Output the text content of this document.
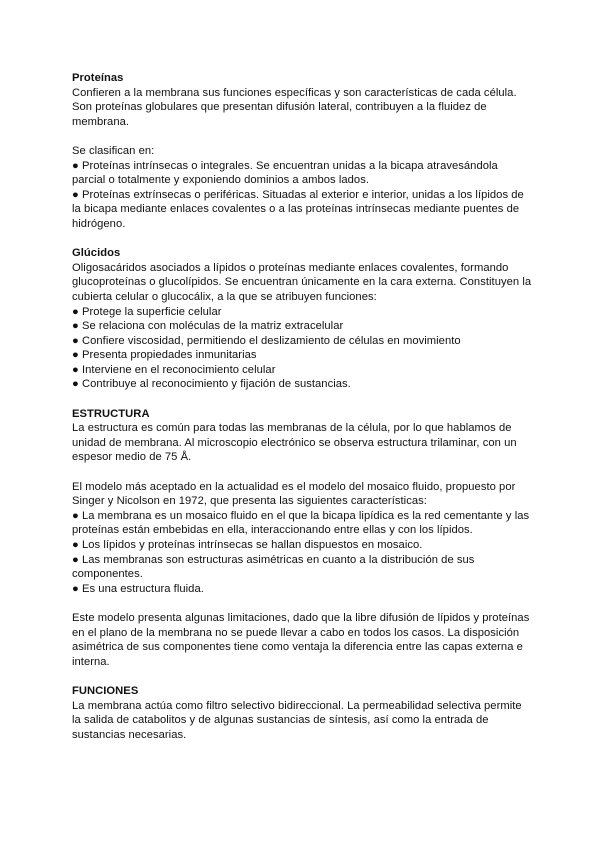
Proteínas

Confieren a la membrana sus funciones específicas y son características de cada célula. Son proteínas globulares que presentan difusión lateral, contribuyen a la fluidez de membrana.

Se clasifican en:

● Proteínas intrínsecas o integrales. Se encuentran unidas a la bicapa atravesándola parcial o totalmente y exponiendo dominios a ambos lados.
● Proteínas extrínsecas o periféricas. Situadas al exterior e interior, unidas a los lípidos de la bicapa mediante enlaces covalentes o a las proteínas intrínsecas mediante puentes de hidrógeno.

Glúcidos

Oligosacáridos asociados a lípidos o proteínas mediante enlaces covalentes, formando glucoproteínas o glucolípidos. Se encuentran únicamente en la cara externa. Constituyen la cubierta celular o glucocálix, a la que se atribuyen funciones:

● Protege la superficie celular
● Se relaciona con moléculas de la matriz extracelular
● Confiere viscosidad, permitiendo el deslizamiento de células en movimiento
● Presenta propiedades inmunitarias
● Interviene en el reconocimiento celular
● Contribuye al reconocimiento y fijación de sustancias.

ESTRUCTURA

La estructura es común para todas las membranas de la célula, por lo que hablamos de unidad de membrana. Al microscopio electrónico se observa estructura trilaminar, con un espesor medio de 75 Å.

El modelo más aceptado en la actualidad es el modelo del mosaico fluido, propuesto por Singer y Nicolson en 1972, que presenta las siguientes características:

● La membrana es un mosaico fluido en el que la bicapa lipídica es la red cementante y las proteínas están embebidas en ella, interaccionando entre ellas y con los lípidos.
● Los lípidos y proteínas intrínsecas se hallan dispuestos en mosaico.
● Las membranas son estructuras asimétricas en cuanto a la distribución de sus componentes.
● Es una estructura fluida.

Este modelo presenta algunas limitaciones, dado que la libre difusión de lípidos y proteínas en el plano de la membrana no se puede llevar a cabo en todos los casos. La disposición asimétrica de sus componentes tiene como ventaja la diferencia entre las capas externa e interna.

FUNCIONES

La membrana actúa como filtro selectivo bidireccional. La permeabilidad selectiva permite la salida de catabolitos y de algunas sustancias de síntesis, así como la entrada de sustancias necesarias.
